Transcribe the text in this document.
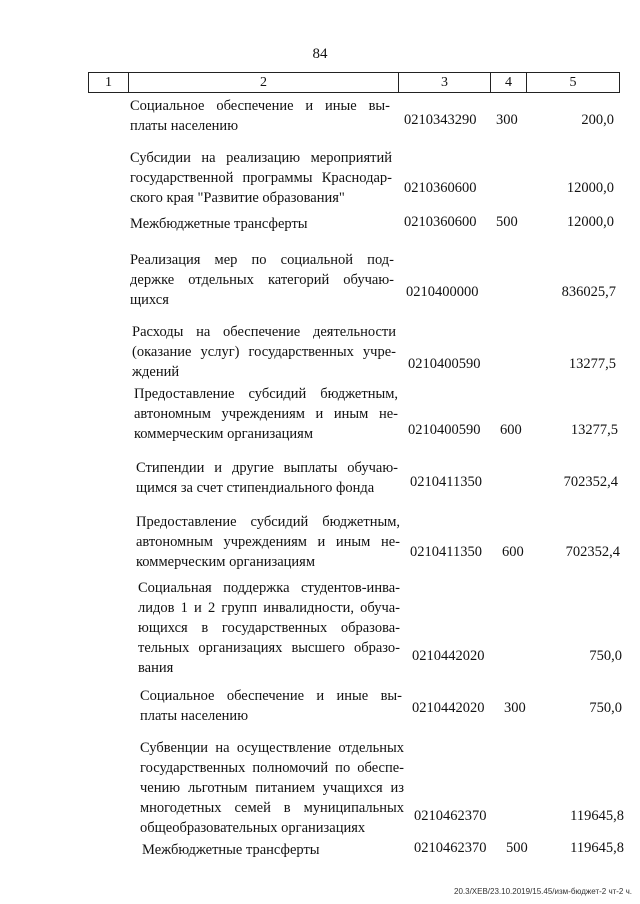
84
1	2	3	4	5
Социальное обеспечение и иные вы-
платы населению	0210343290 300	200,0
Субсидии на реализацию мероприятий
государственной программы Краснодар-
ского края "Развитие образования"
0210360600	12000,0
Межбюджетные трансферты	0210360600 500	12000,0
Реализация мер по социальной под-
держке отдельных категорий обучаю-
щихся	0210400000	836025,7
Расходы на обеспечение деятельности
(оказание услуг) государственных учре-
ждений	0210400590	13277,5
Предоставление субсидий бюджетным,
автономным учреждениям и иным не-
коммерческим организациям	0210400590 600	13277,5
Стипендии и другие выплаты обучаю-
щимся за счет стипендиального фонда	0210411350	702352,4
Предоставление субсидий бюджетным,
автономным учреждениям и иным не-
коммерческим организациям
0210411350 600	702352,4
Социальная поддержка студентов-инва-
лидов 1 и 2 групп инвалидности, обуча-
ющихся в государственных образова-
тельных организациях высшего образо-
вания
0210442020	750,0
Социальное обеспечение и иные вы-
платы населению	0210442020 300	750,0
Субвенции на осуществление отдельных
государственных полномочий по обеспе-
чению льготным питанием учащихся из
многодетных семей в муниципальных
общеобразовательных организациях
0210462370	119645,8
Межбюджетные трансферты	0210462370 500	119645,8
20.3/ХЕВ/23.10.2019/15.45/изм-бюджет-2 чт-2 ч.
